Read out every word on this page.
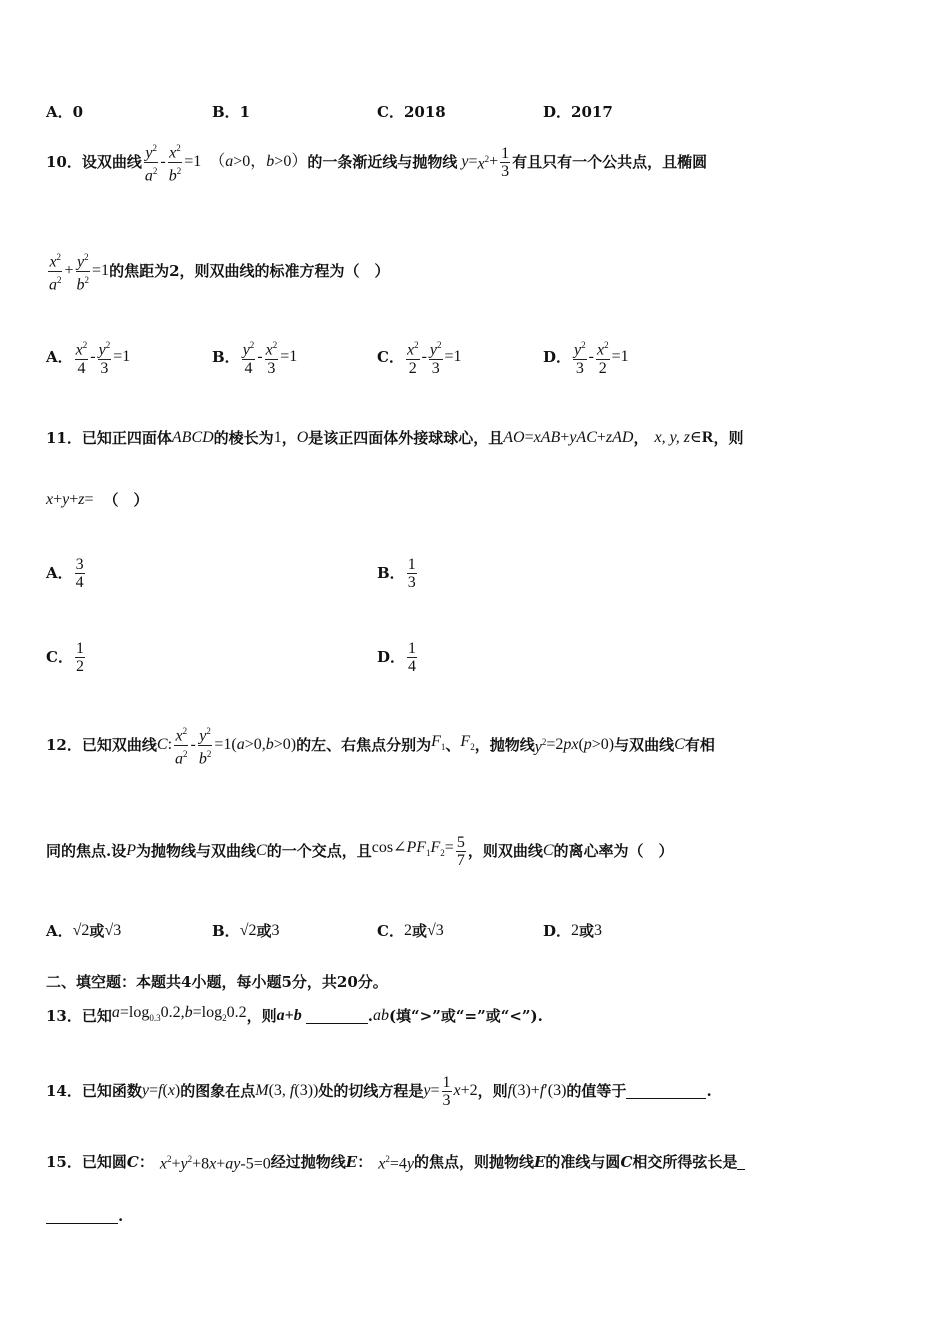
A．0	B．1	C．2018	D．2017
10． 设双曲线 $\frac{y^2}{a^2} - \frac{x^2}{b^2} =1$ （a>0，b>0） 的一条渐近线与抛物线 $y = x^2 + \frac{1}{3}$ 有且只有一个公共点，且椭圆
$\frac{x^2}{a^2} + \frac{y^2}{b^2} =1$ 的焦距为2，则双曲线的标准方程为（　）
A． $\frac{x^2}{4} - \frac{y^2}{3} =1$	B． $\frac{y^2}{4} - \frac{x^2}{3} =1$	C． $\frac{x^2}{2} - \frac{y^2}{3} =1$	D． $\frac{y^2}{3} - \frac{x^2}{2} =1$
11． 已知正四面体 ABCD 的棱长为 1 ， O 是该正四面体外接球球心，且 AO = xAB + yAC + zAD ， x, y, z ∈R ，则
x + y + z = （　）
A． $\frac{3}{4}$	B． $\frac{1}{3}$
C． $\frac{1}{2}$	D． $\frac{1}{4}$
12． 已知双曲线 C : $\frac{x^2}{a^2} - \frac{y^2}{b^2} =1(a>0,b>0)$ 的左、右焦点分别为 $F_1$ 、 $F_2$ ，抛物线 $y^2 =2px(p>0)$ 与双曲线 C 有相
同的焦点.设 P 为抛物线与双曲线 C 的一个交点，且 $\cos\angle PF_1F_2= \frac{5}{7}$ ，则双曲线 C 的离心率为（　）
A． √2 或 √3	B． √2 或 3	C． 2 或 √3	D． 2 或 3
二、填空题：本题共4小题，每小题5分，共20分。
13． 已知 $a=\log_{0.3}0.2,b=\log_20.2$ ，则 a + b	. ab (填“>”或“=”或“<”).
14． 已知函数 y=f(x) 的图象在点 M(3, f(3)) 处的切线方程是 $y= \frac{1}{3} x+2$ ，则 f(3)+f′(3) 的值等于	.
15． 已知圆 C ： $x^2+y^2+8x+ay-5=0$ 经过抛物线 E ： $x^2=4y$ 的焦点，则抛物线 E 的准线与圆 C 相交所得弦长是
.
